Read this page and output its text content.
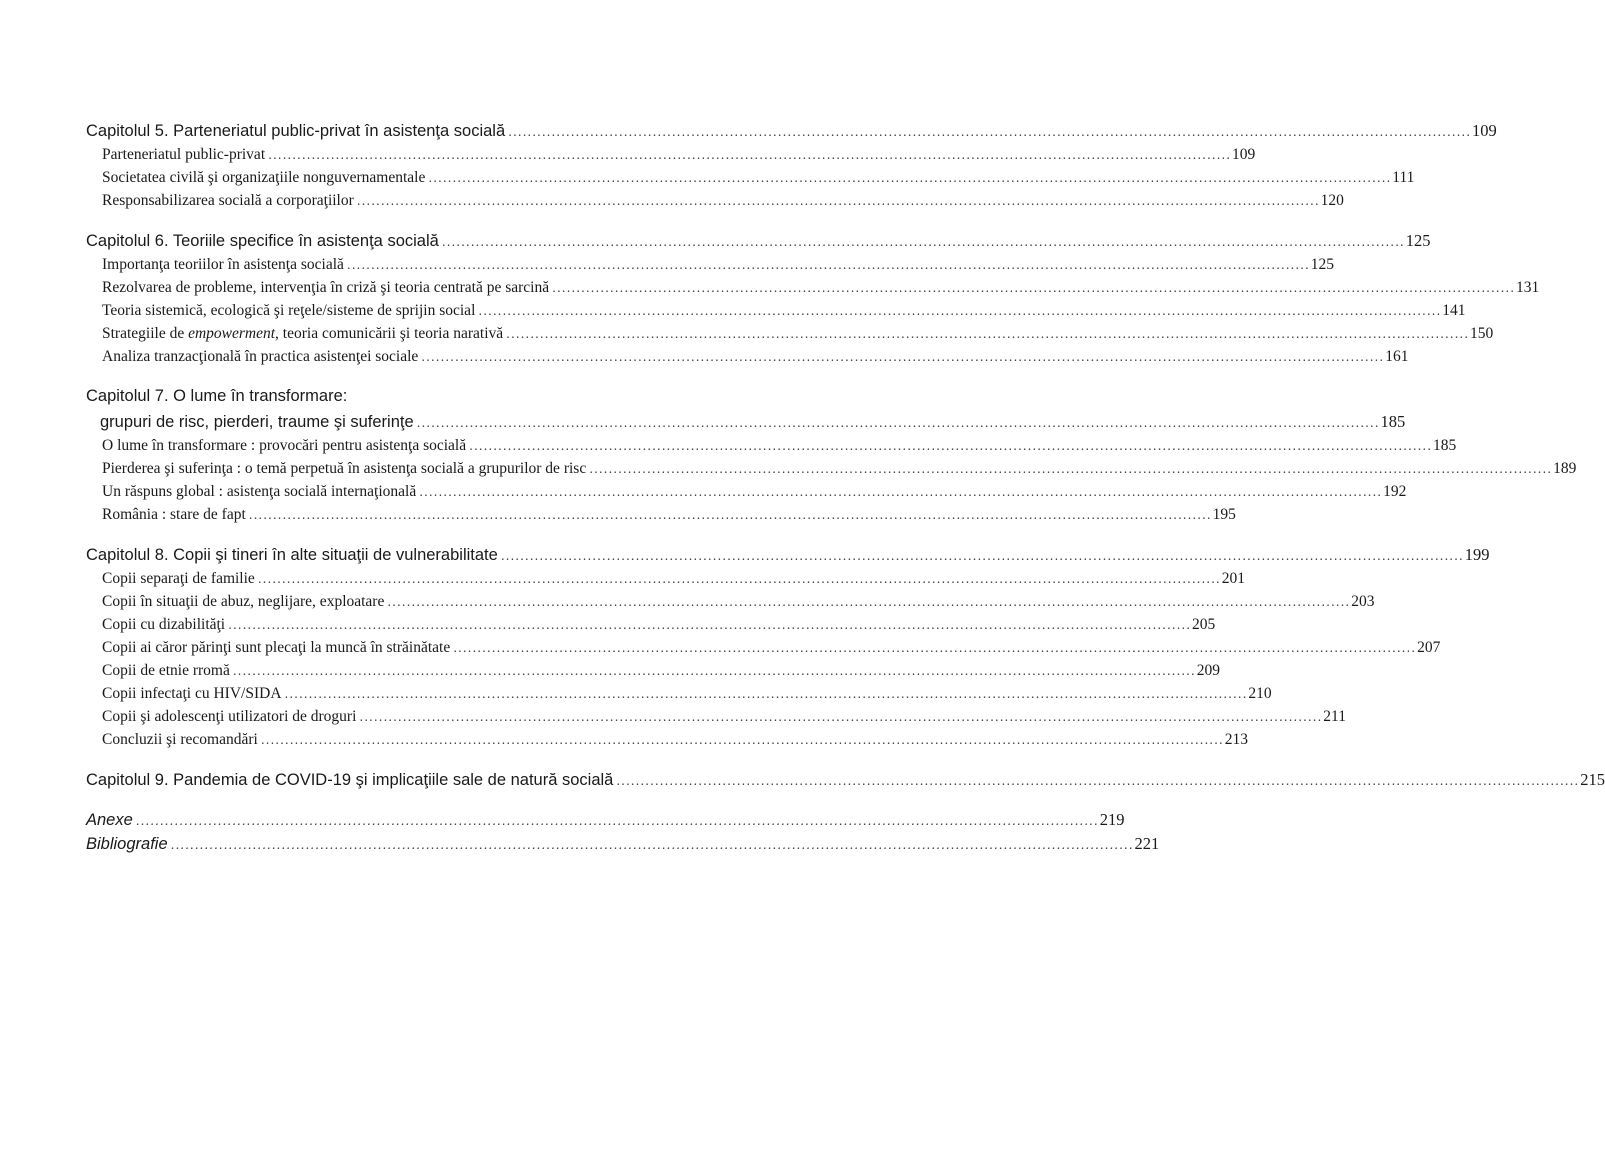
Capitolul 5. Parteneriatul public-privat în asistenţa socială .....	109
Parteneriatul public-privat .....	109
Societatea civilă şi organizaţiile nonguvernamentale .....	111
Responsabilizarea socială a corporaţiilor .....	120
Capitolul 6. Teoriile specifice în asistenţa socială .....	125
Importanţa teoriilor în asistenţa socială .....	125
Rezolvarea de probleme, intervenţia în criză şi teoria centrată pe sarcină .....	131
Teoria sistemică, ecologică şi reţele/sisteme de sprijin social .....	141
Strategiile de empowerment, teoria comunicării şi teoria narativă .....	150
Analiza tranzacţională în practica asistenţei sociale .....	161
Capitolul 7. O lume în transformare:
grupuri de risc, pierderi, traume şi suferinţe .....	185
O lume în transformare : provocări pentru asistenţa socială .....	185
Pierderea şi suferinţa : o temă perpetuă în asistenţa socială a grupurilor de risc .....	189
Un răspuns global : asistenţa socială internaţională .....	192
România : stare de fapt .....	195
Capitolul 8. Copii şi tineri în alte situaţii de vulnerabilitate .....	199
Copii separaţi de familie .....	201
Copii în situaţii de abuz, neglijare, exploatare .....	203
Copii cu dizabilităţi .....	205
Copii ai căror părinţi sunt plecaţi la muncă în străinătate .....	207
Copii de etnie rromă .....	209
Copii infectaţi cu HIV/SIDA .....	210
Copii şi adolescenţi utilizatori de droguri .....	211
Concluzii şi recomandări .....	213
Capitolul 9. Pandemia de COVID-19 şi implicaţiile sale de natură socială .....	215
Anexe .....	219
Bibliografie .....	221
